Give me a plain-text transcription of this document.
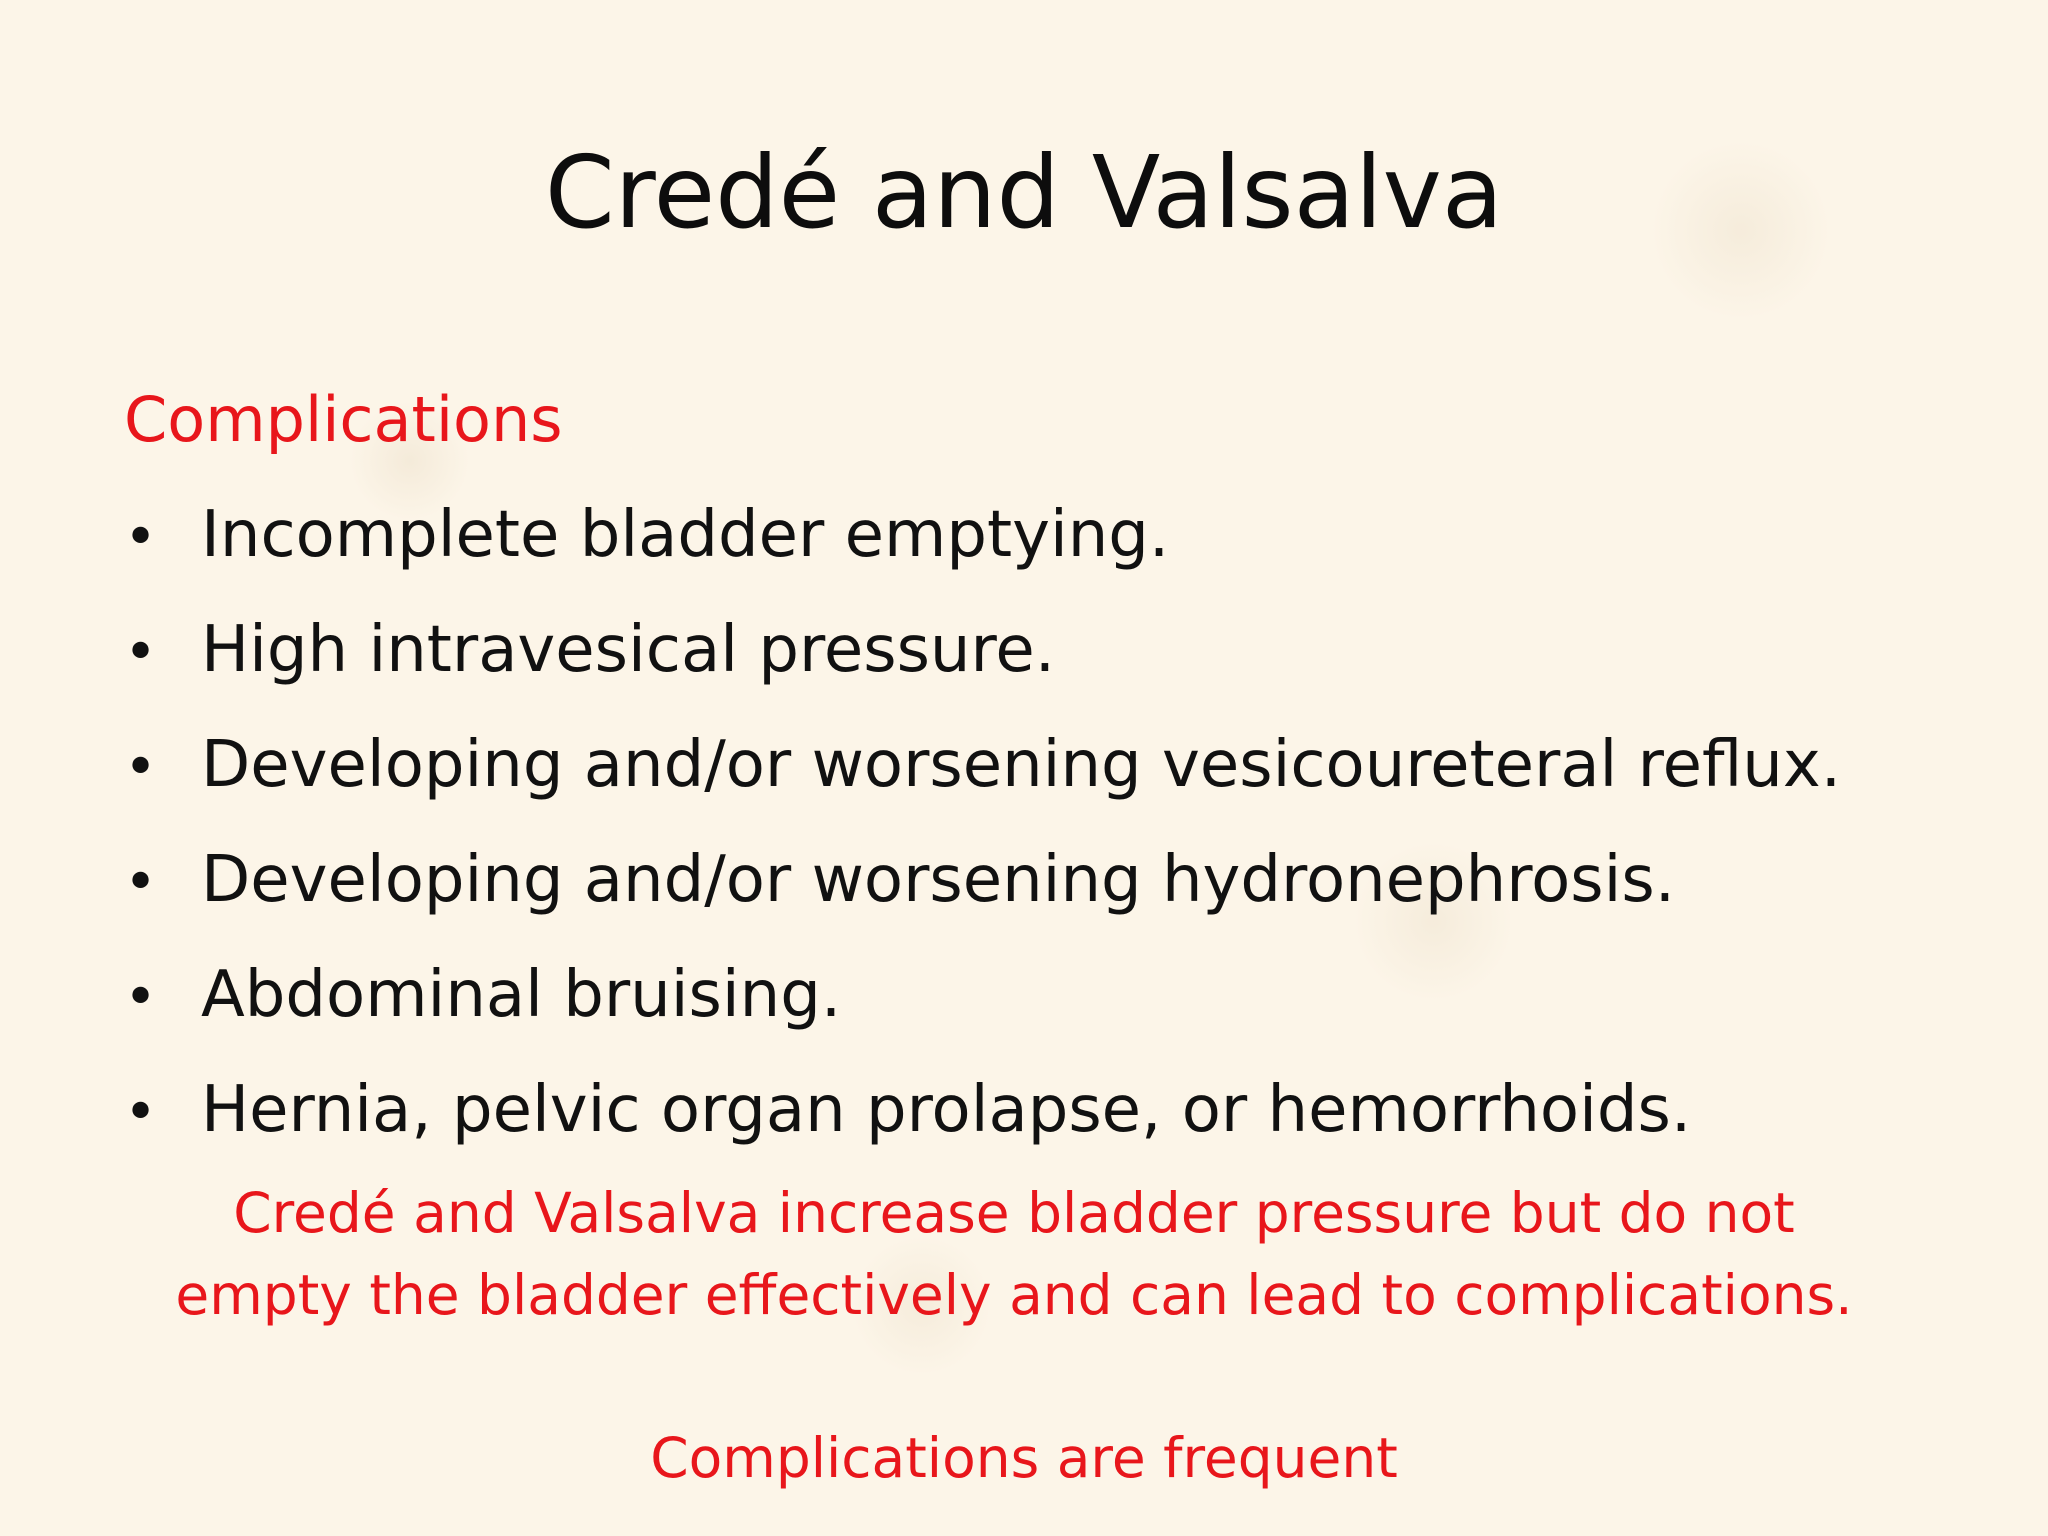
Credé and Valsalva

Complications

• Incomplete bladder emptying.
• High intravesical pressure.
• Developing and/or worsening vesicoureteral reflux.
• Developing and/or worsening hydronephrosis.
• Abdominal bruising.
• Hernia, pelvic organ prolapse, or hemorrhoids.

Credé and Valsalva increase bladder pressure but do not
empty the bladder effectively and can lead to complications.

Complications are frequent
